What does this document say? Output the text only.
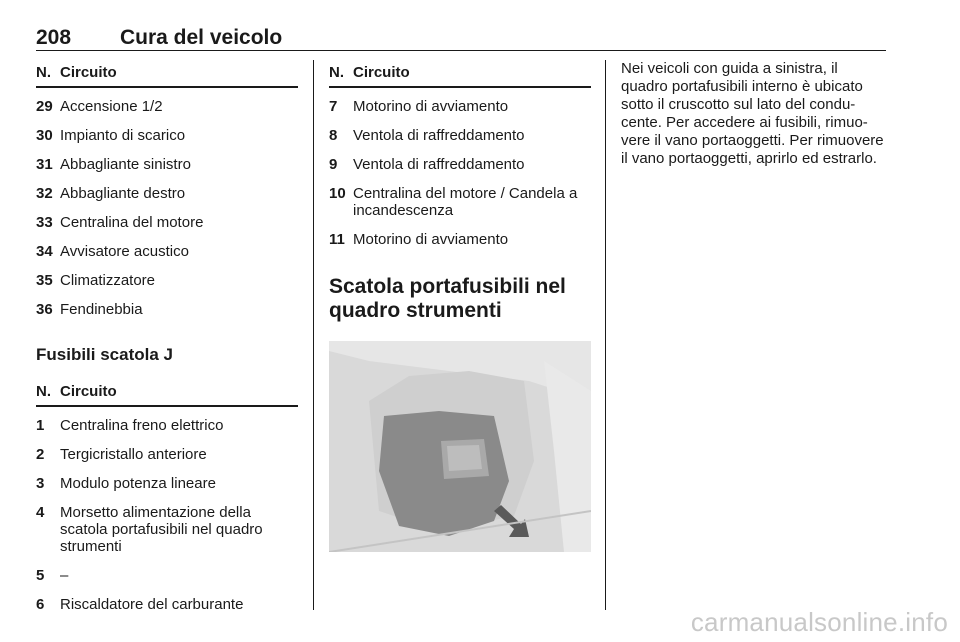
208 Cura del veicolo
N. Circuito
29 Accensione 1/2
30 Impianto di scarico
31 Abbagliante sinistro
32 Abbagliante destro
33 Centralina del motore
34 Avvisatore acustico
35 Climatizzatore
36 Fendinebbia
Fusibili scatola J
N. Circuito
1	Centralina freno elettrico
2	Tergicristallo anteriore
3	Modulo potenza lineare
4	Morsetto alimentazione della scatola portafusibili nel quadro strumenti
5	–
6	Riscaldatore del carburante
N. Circuito
7	Motorino di avviamento
8	Ventola di raffreddamento
9	Ventola di raffreddamento
10 Centralina del motore / Candela a incandescenza
11 Motorino di avviamento
Scatola portafusibili nel quadro strumenti

Nei veicoli con guida a sinistra, il quadro portafusibili interno è ubicato sotto il cruscotto sul lato del conducente. Per accedere ai fusibili, rimuovere il vano portaoggetti. Per rimuovere il vano portaoggetti, aprirlo ed estrarlo.

carmanualsonline.info
